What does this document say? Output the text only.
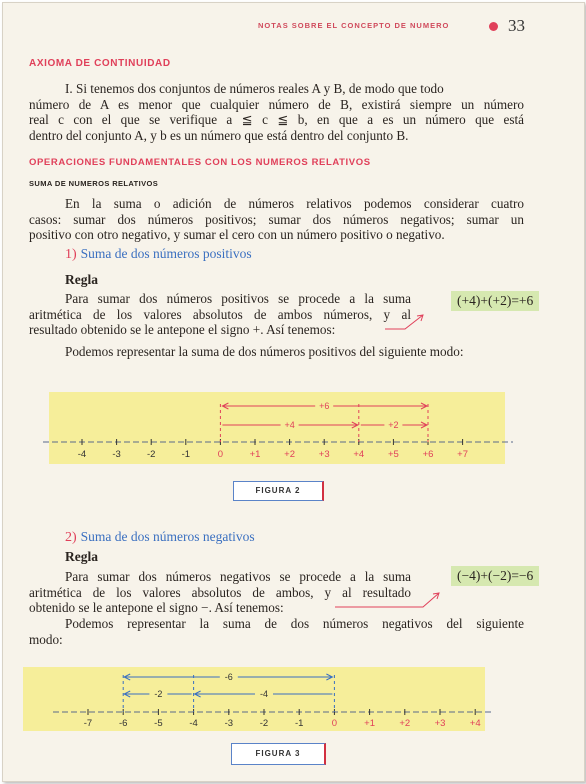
NOTAS SOBRE EL CONCEPTO DE NUMERO	33
AXIOMA DE CONTINUIDAD
I. Si tenemos dos conjuntos de números reales A y B, de modo que todo
número de A es menor que cualquier número de B, existirá siempre un número
real c con el que se verifique a ≦ c ≦ b, en que a es un número que está
dentro del conjunto A, y b es un número que está dentro del conjunto B.
OPERACIONES FUNDAMENTALES CON LOS NUMEROS RELATIVOS
SUMA DE NUMEROS RELATIVOS
En la suma o adición de números relativos podemos considerar cuatro
casos: sumar dos números positivos; sumar dos números negativos; sumar un
positivo con otro negativo, y sumar el cero con un número positivo o negativo.
1) Suma de dos números positivos
Regla
Para sumar dos números positivos se procede a la suma
aritmética de los valores absolutos de ambos números, y al
resultado obtenido se le antepone el signo +. Así tenemos:
(+4)+(+2)=+6
Podemos representar la suma de dos números positivos del siguiente modo:
-4	-3	-2	-1	0	+1	+2	+3	+4	+5	+6	+7
+6
+4	+2
FIGURA 2
2) Suma de dos números negativos
Regla
Para sumar dos números negativos se procede a la suma
aritmética de los valores absolutos de ambos, y al resultado
obtenido se le antepone el signo −. Así tenemos:
(−4)+(−2)=−6
Podemos representar la suma de dos números negativos del siguiente
modo:
-7	-6	-5	-4	-3	-2	-1	0	+1	+2	+3	+4
-6
-2	-4
FIGURA 3
